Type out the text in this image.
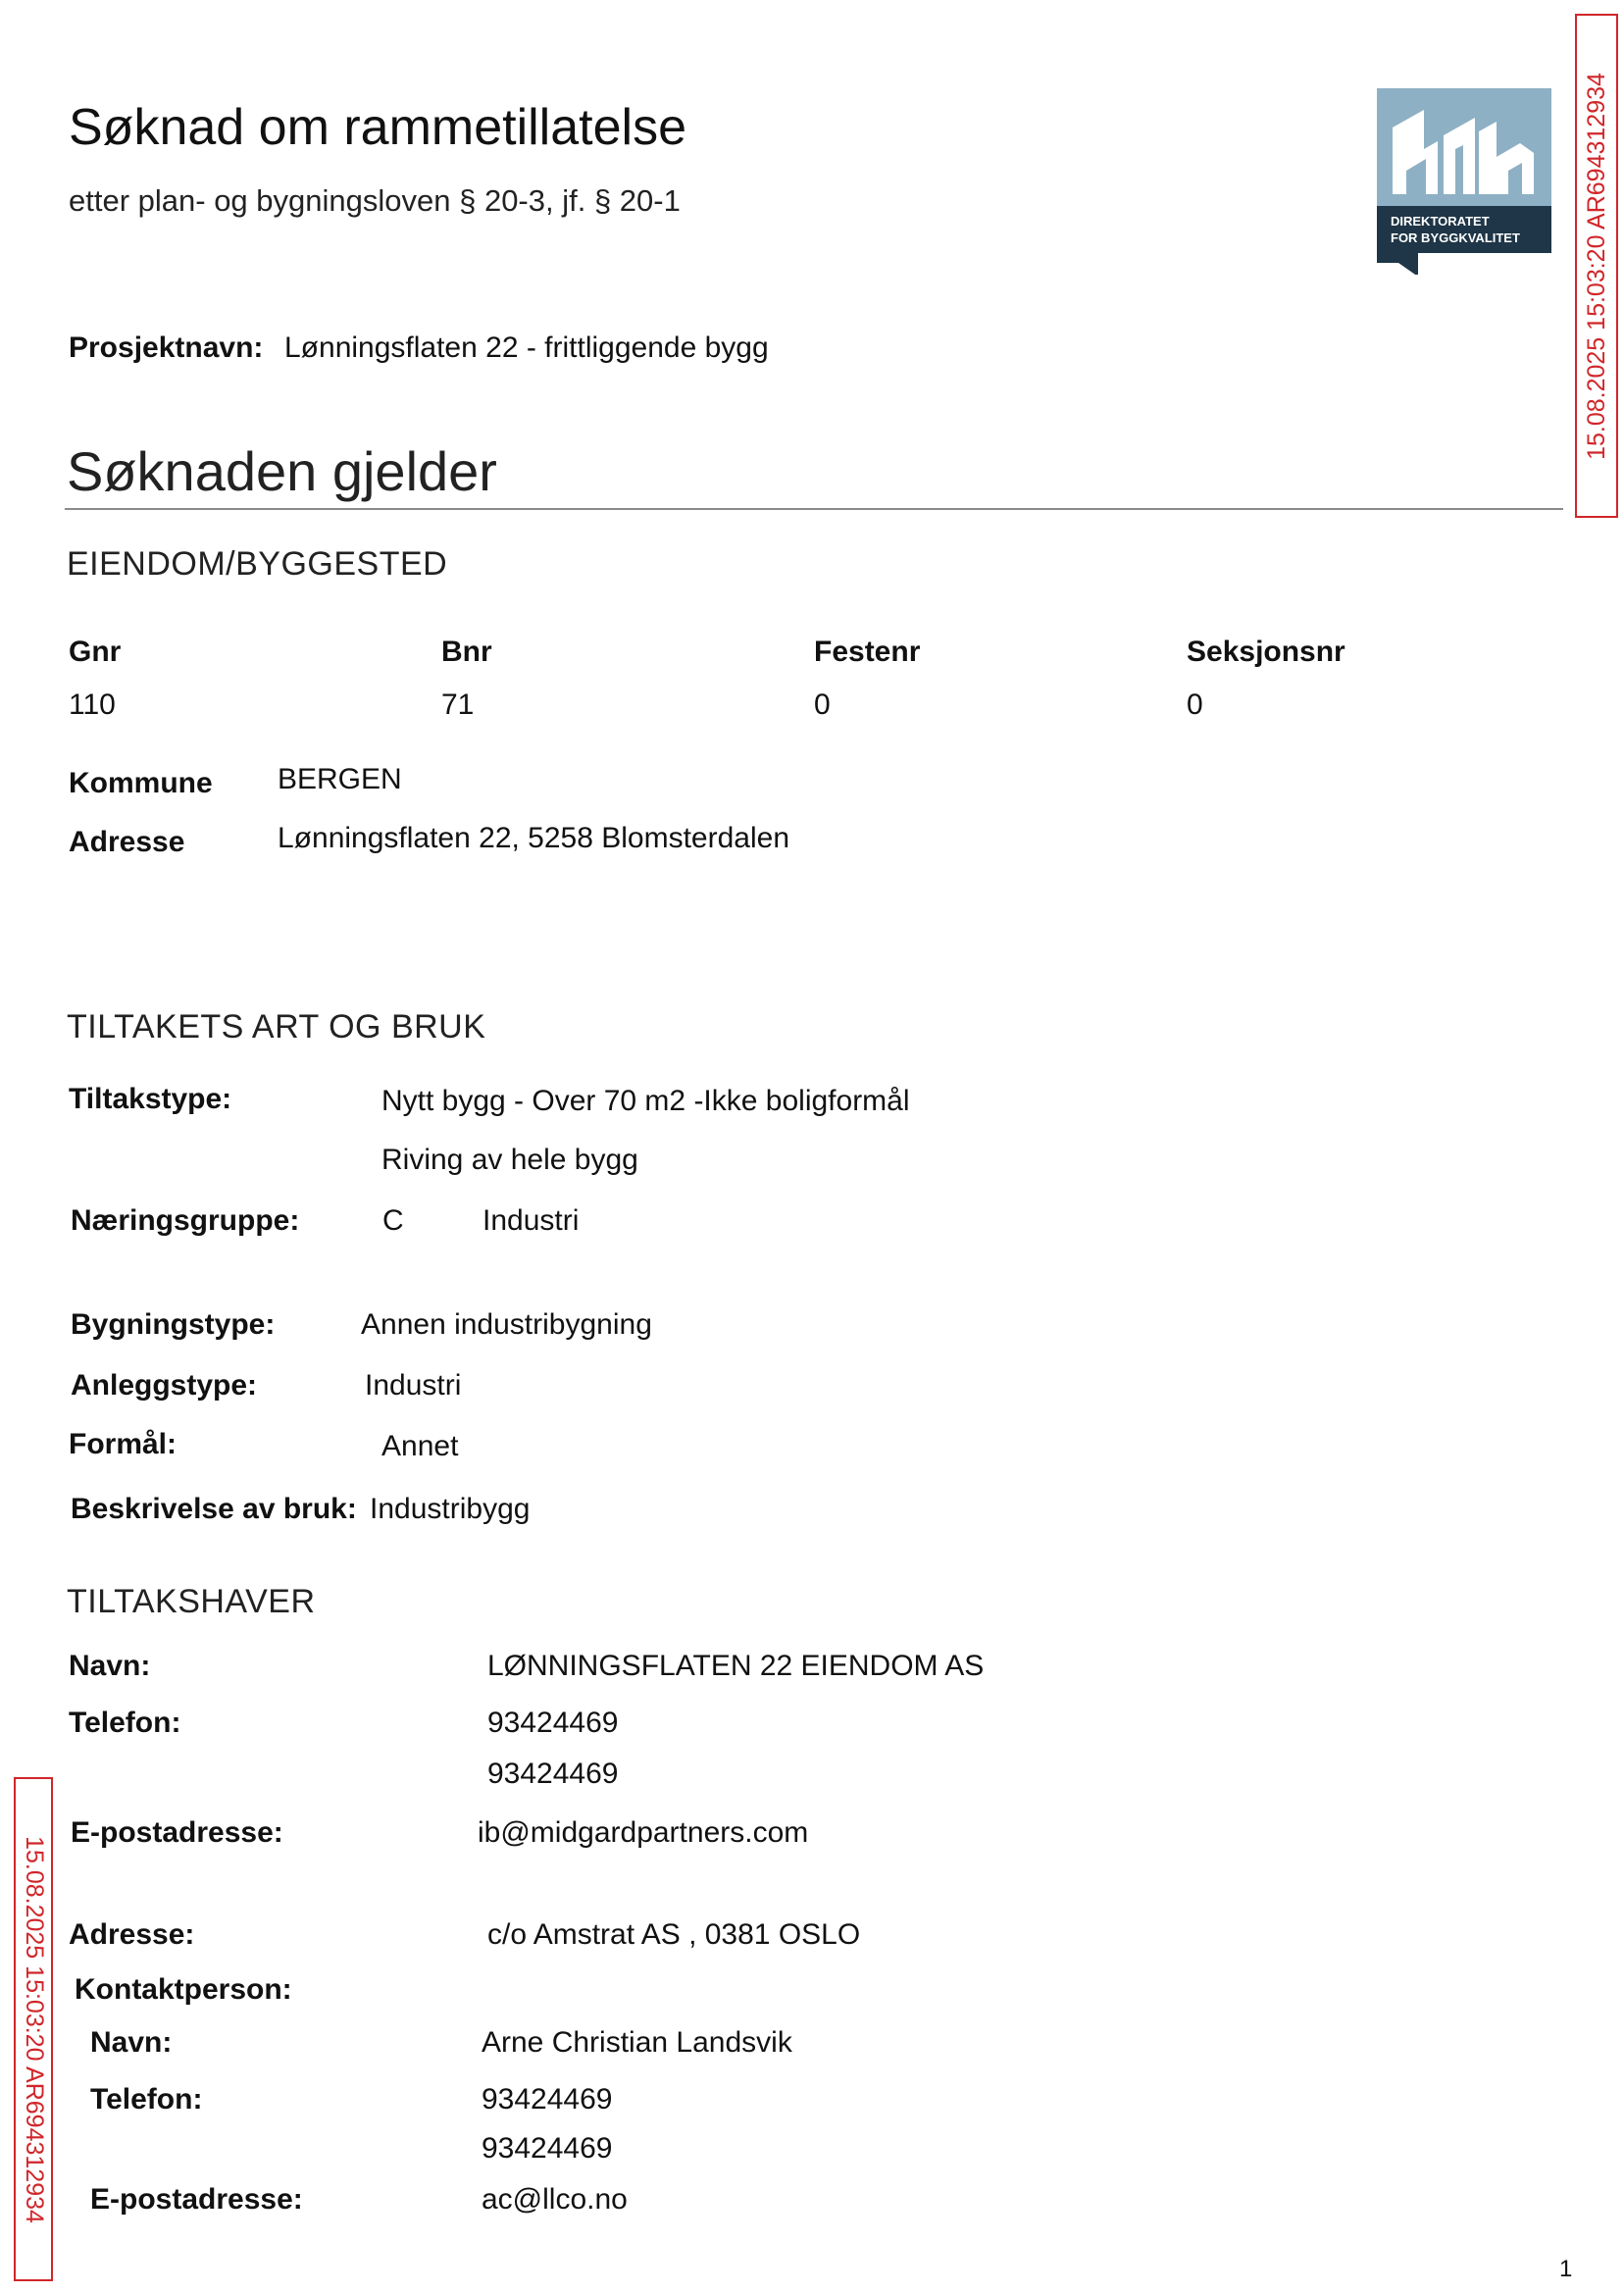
Søknad om rammetillatelse
etter plan- og bygningsloven § 20-3, jf. § 20-1
DIREKTORATET
FOR BYGGKVALITET	15.08.2025 15:03:20 AR694312934
15.08.2025 15:03:20 AR694312934
Prosjektnavn: Lønningsflaten 22 - frittliggende bygg
Søknaden gjelder
EIENDOM/BYGGESTED
Gnr	Bnr	Festenr	Seksjonsnr
110	71	0	0
Kommune BERGEN
Adresse	Lønningsflaten 22, 5258 Blomsterdalen
TILTAKETS ART OG BRUK
Tiltakstype:	Nytt bygg - Over 70 m2 -Ikke boligformål
Riving av hele bygg
Næringsgruppe:	C	Industri
Bygningstype:	Annen industribygning
Anleggstype:	Industri
Formål:	Annet
Beskrivelse av bruk: Industribygg
TILTAKSHAVER
Navn:	LØNNINGSFLATEN 22 EIENDOM AS
Telefon:	93424469
93424469
E-postadresse:	ib@midgardpartners.com
Adresse:	c/o Amstrat AS , 0381 OSLO
Kontaktperson:
Navn:	Arne Christian Landsvik
Telefon:	93424469
93424469
E-postadresse:	ac@llco.no
1
